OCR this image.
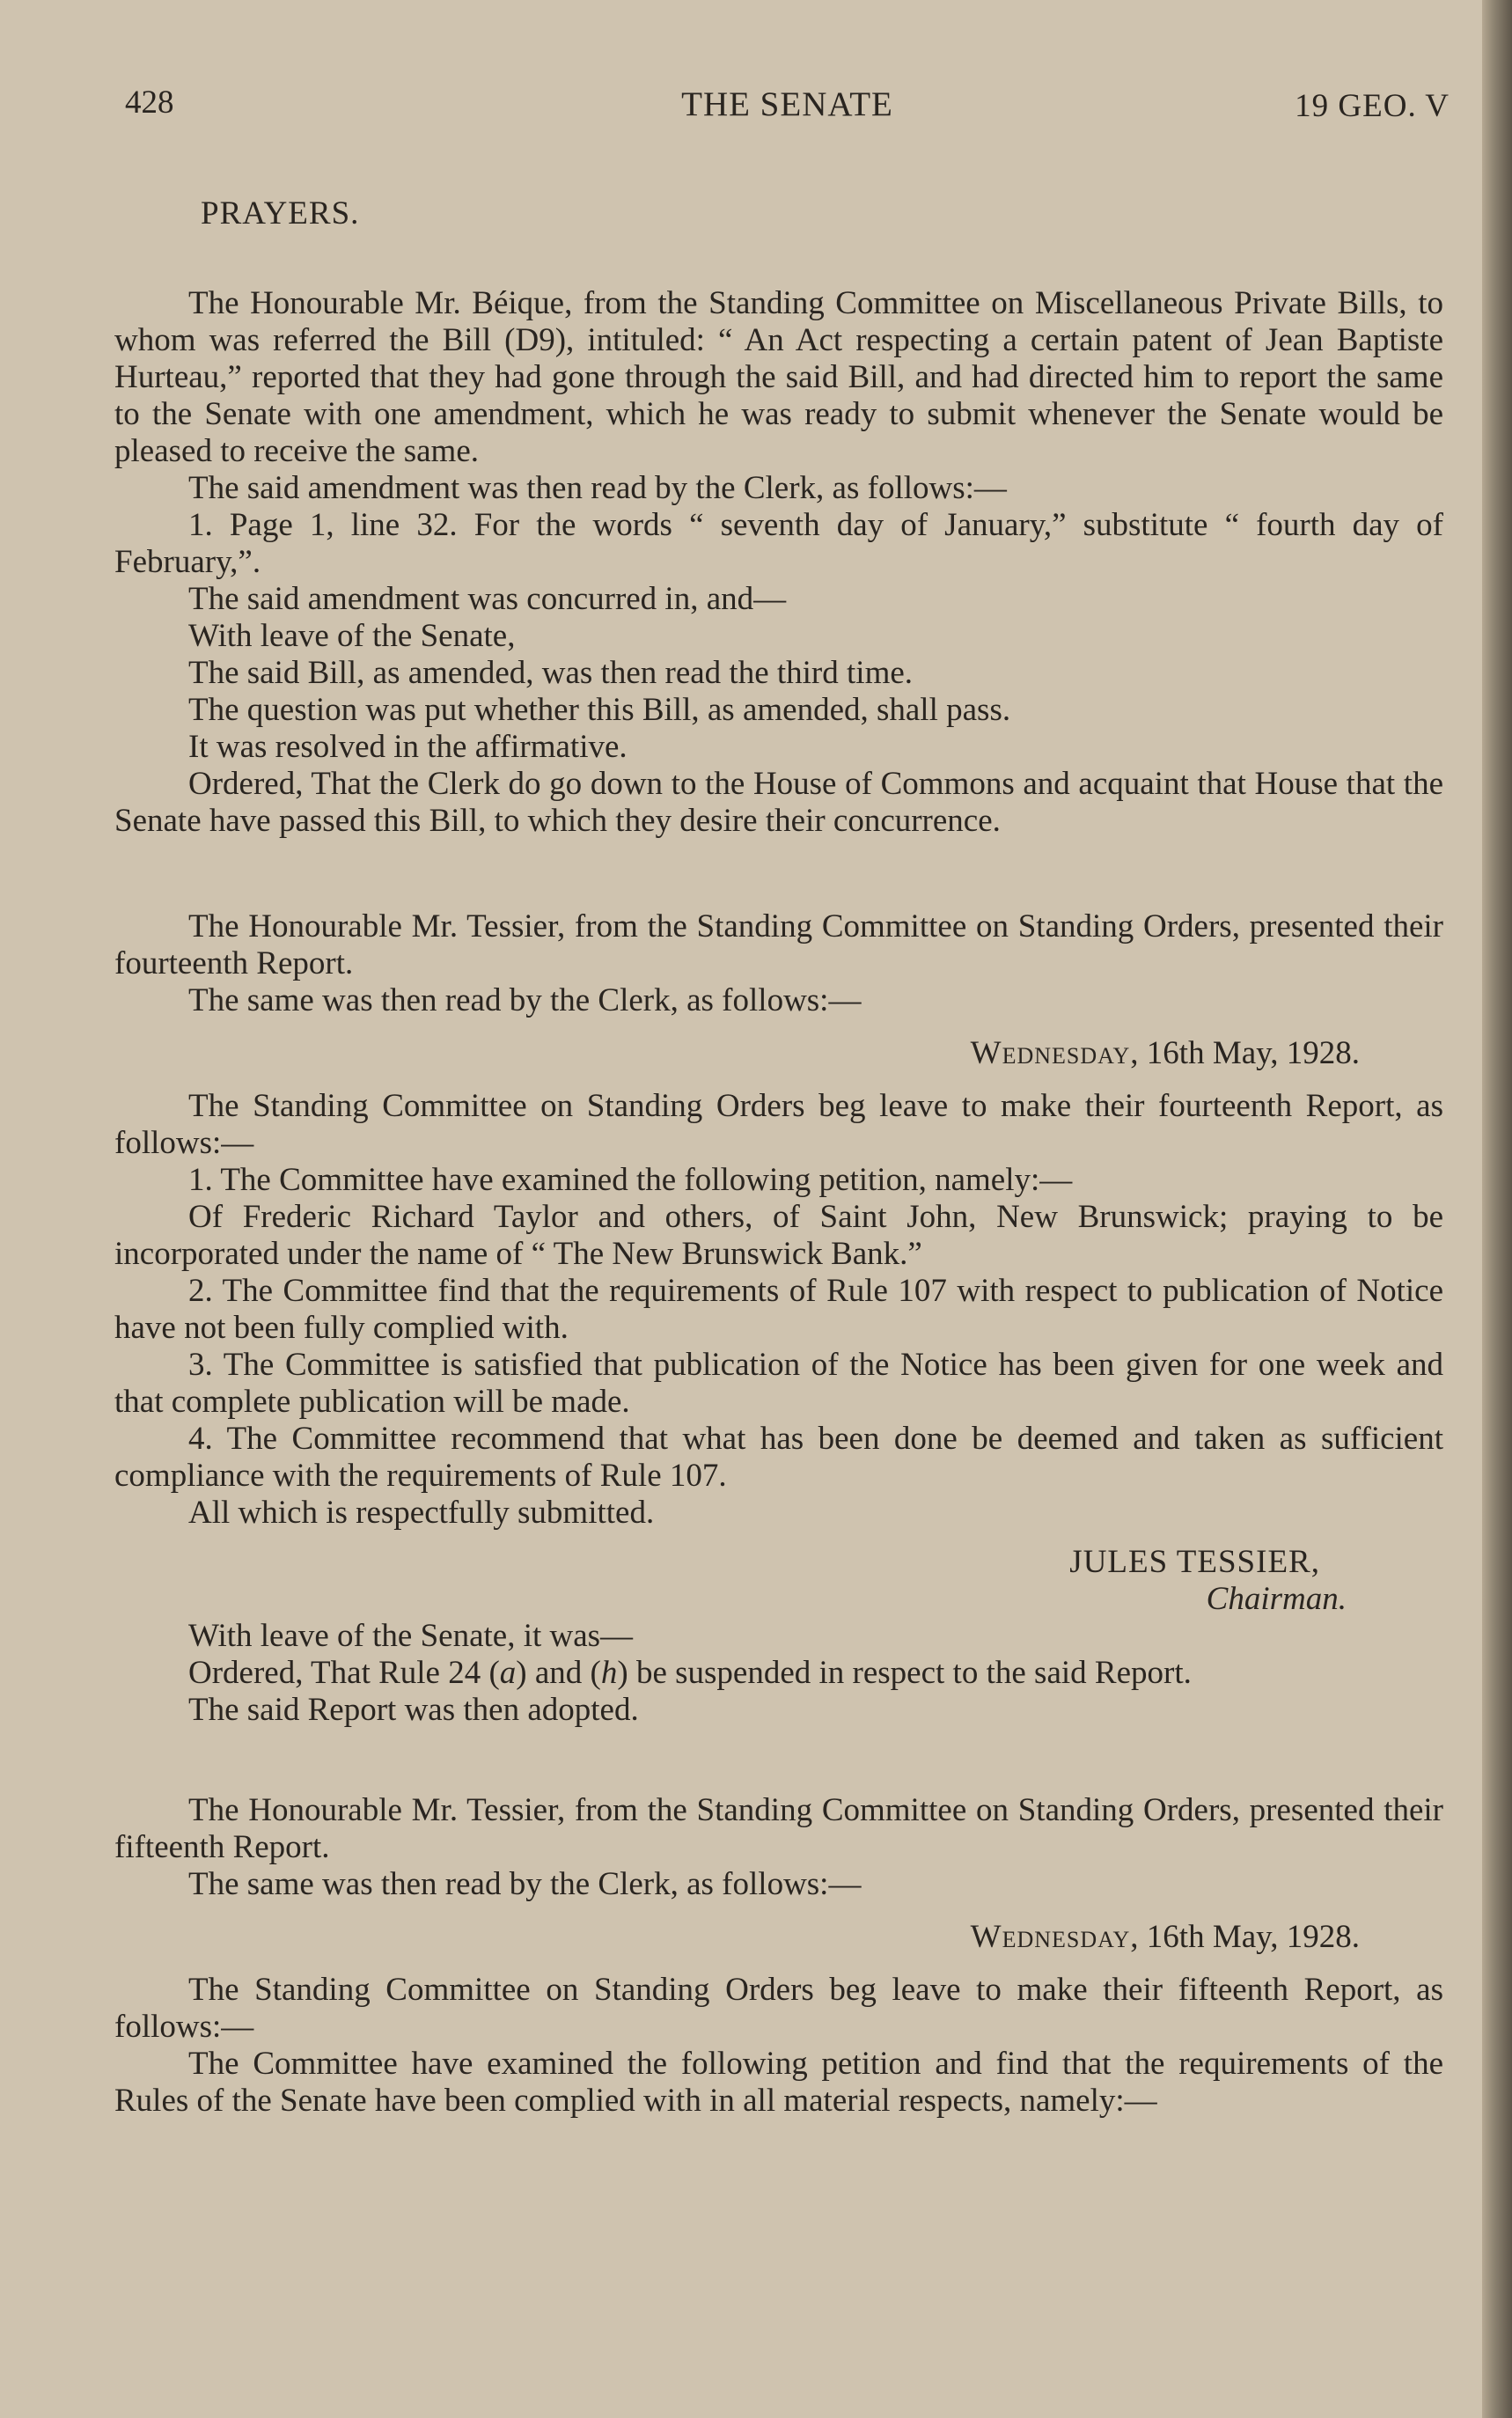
428	THE SENATE	19 GEO. V
PRAYERS.

The Honourable Mr. Béique, from the Standing Committee on Miscellaneous Private Bills, to whom was referred the Bill (D9), intituled: “ An Act respecting a certain patent of Jean Baptiste Hurteau,” reported that they had gone through the said Bill, and had directed him to report the same to the Senate with one amendment, which he was ready to submit whenever the Senate would be pleased to receive the same.

The said amendment was then read by the Clerk, as follows:—

1. Page 1, line 32. For the words “ seventh day of January,” substitute “ fourth day of February,”.

The said amendment was concurred in, and—

With leave of the Senate,

The said Bill, as amended, was then read the third time.

The question was put whether this Bill, as amended, shall pass.

It was resolved in the affirmative.

Ordered, That the Clerk do go down to the House of Commons and acquaint that House that the Senate have passed this Bill, to which they desire their concurrence.

The Honourable Mr. Tessier, from the Standing Committee on Standing Orders, presented their fourteenth Report.

The same was then read by the Clerk, as follows:—

Wednesday, 16th May, 1928.

The Standing Committee on Standing Orders beg leave to make their fourteenth Report, as follows:—

1. The Committee have examined the following petition, namely:—

Of Frederic Richard Taylor and others, of Saint John, New Brunswick; praying to be incorporated under the name of “ The New Brunswick Bank.”

2. The Committee find that the requirements of Rule 107 with respect to publication of Notice have not been fully complied with.

3. The Committee is satisfied that publication of the Notice has been given for one week and that complete publication will be made.

4. The Committee recommend that what has been done be deemed and taken as sufficient compliance with the requirements of Rule 107.

All which is respectfully submitted.

JULES TESSIER,
Chairman.

With leave of the Senate, it was—

Ordered, That Rule 24 (a) and (h) be suspended in respect to the said Report.

The said Report was then adopted.

The Honourable Mr. Tessier, from the Standing Committee on Standing Orders, presented their fifteenth Report.

The same was then read by the Clerk, as follows:—

Wednesday, 16th May, 1928.

The Standing Committee on Standing Orders beg leave to make their fifteenth Report, as follows:—

The Committee have examined the following petition and find that the requirements of the Rules of the Senate have been complied with in all material respects, namely:—
